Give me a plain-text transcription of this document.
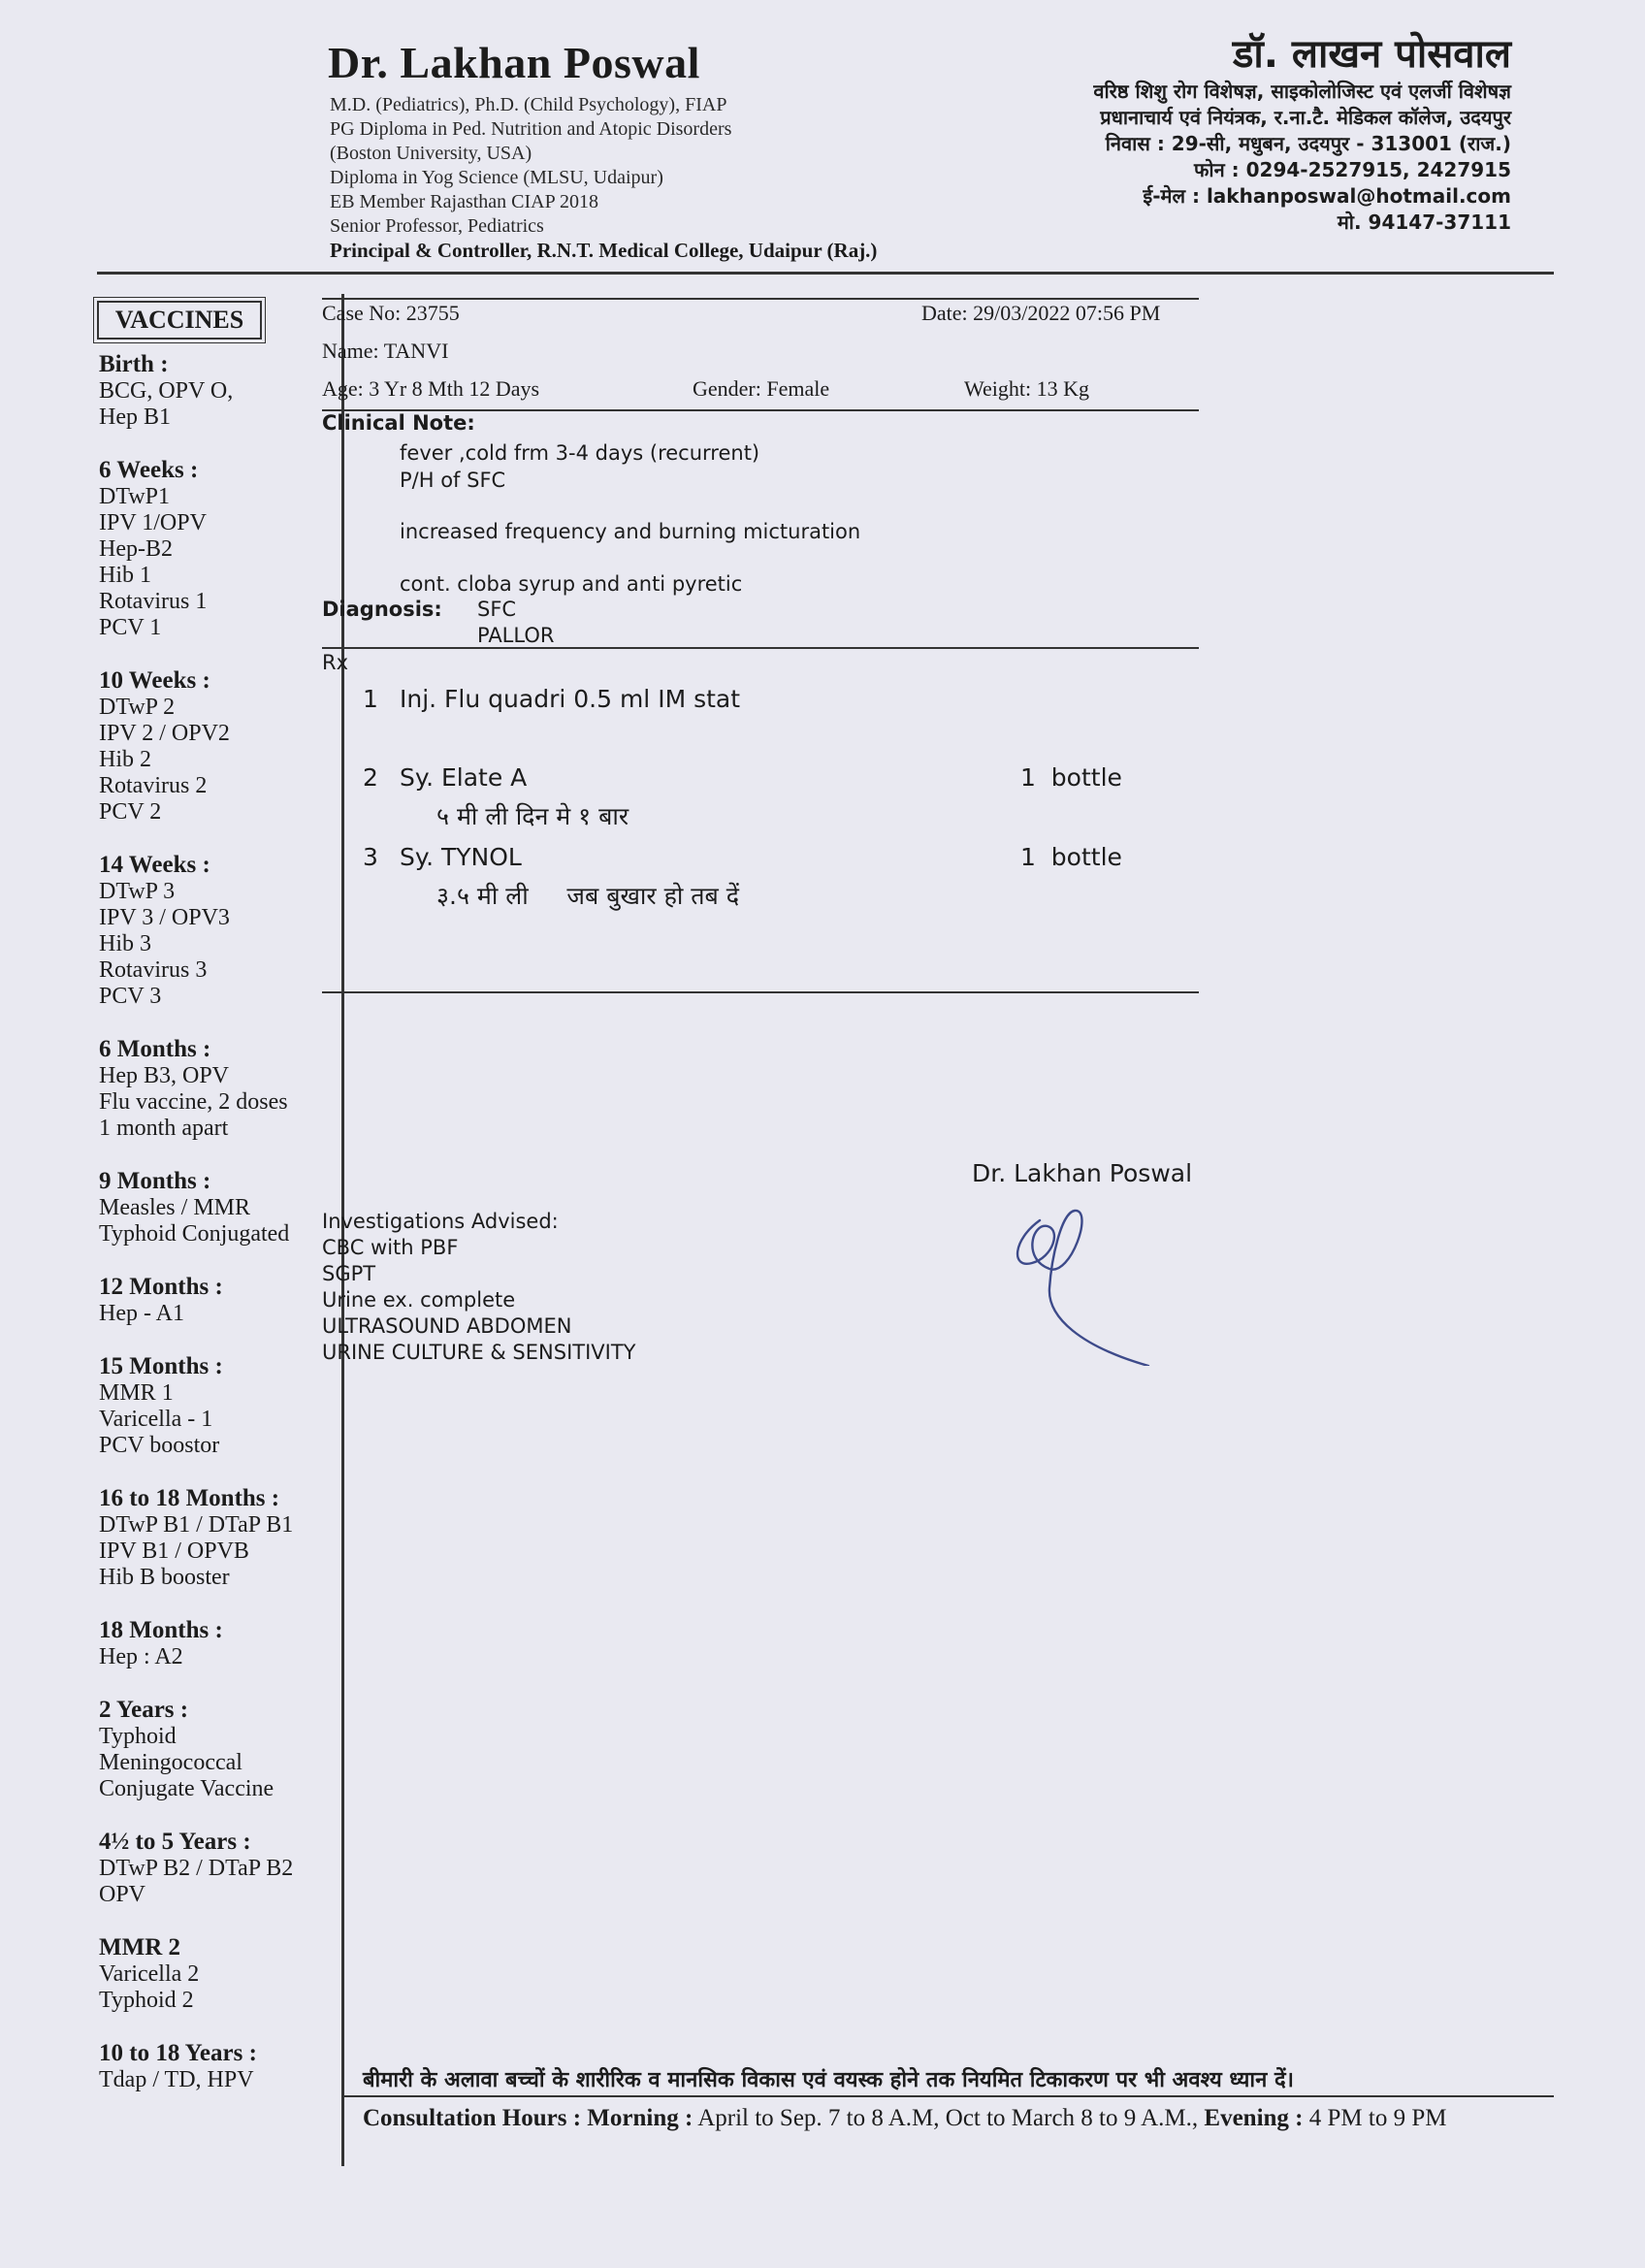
Dr. Lakhan Poswal
M.D. (Pediatrics), Ph.D. (Child Psychology), FIAP
PG Diploma in Ped. Nutrition and Atopic Disorders
(Boston University, USA)
Diploma in Yog Science (MLSU, Udaipur)
EB Member Rajasthan CIAP 2018
Senior Professor, Pediatrics
Principal & Controller, R.N.T. Medical College, Udaipur (Raj.)
डॉ. लाखन पोसवाल
वरिष्ठ शिशु रोग विशेषज्ञ, साइकोलोजिस्ट एवं एलर्जी विशेषज्ञ
प्रधानाचार्य एवं नियंत्रक, र.ना.टै. मेडिकल कॉलेज, उदयपुर
निवास : 29-सी, मधुबन, उदयपुर - 313001 (राज.)
फोन : 0294-2527915, 2427915
ई-मेल : lakhanposwal@hotmail.com
मो. 94147-37111
VACCINES
Birth :
BCG, OPV O,
Hep B1
6 Weeks :
DTwP1
IPV 1/OPV
Hep-B2
Hib 1
Rotavirus 1
PCV 1
10 Weeks :
DTwP 2
IPV 2 / OPV2
Hib 2
Rotavirus 2
PCV 2
14 Weeks :
DTwP 3
IPV 3 / OPV3
Hib 3
Rotavirus 3
PCV 3
6 Months :
Hep B3, OPV
Flu vaccine, 2 doses
1 month apart
9 Months :
Measles / MMR
Typhoid Conjugated
12 Months :
Hep - A1
15 Months :
MMR 1
Varicella - 1
PCV boostor
16 to 18 Months :
DTwP B1 / DTaP B1
IPV B1 / OPVB
Hib B booster
18 Months :
Hep : A2
2 Years :
Typhoid
Meningococcal
Conjugate Vaccine
4½ to 5 Years :
DTwP B2 / DTaP B2
OPV
MMR 2
Varicella 2
Typhoid 2
10 to 18 Years :
Tdap / TD, HPV
Case No: 23755	Date: 29/03/2022 07:56 PM
Name: TANVI
Age: 3 Yr 8 Mth 12 Days	Gender: Female	Weight: 13 Kg
Clinical Note:
fever ,cold frm 3-4 days (recurrent)
P/H of SFC
increased frequency and burning micturation
cont. cloba syrup and anti pyretic
Diagnosis: SFC
PALLOR
Rx
1 Inj. Flu quadri 0.5 ml IM stat
2 Sy. Elate A	1  bottle
५ मी ली दिन मे १ बार
3 Sy. TYNOL	1  bottle
३.५ मी ली     जब बुखार हो तब दें
Dr. Lakhan Poswal
Investigations Advised:
CBC with PBF
SGPT
Urine ex. complete
ULTRASOUND ABDOMEN
URINE CULTURE & SENSITIVITY
बीमारी के अलावा बच्चों के शारीरिक व मानसिक विकास एवं वयस्क होने तक नियमित टिकाकरण पर भी अवश्य ध्यान दें।
Consultation Hours : Morning : April to Sep. 7 to 8 A.M, Oct to March 8 to 9 A.M., Evening : 4 PM to 9 PM
